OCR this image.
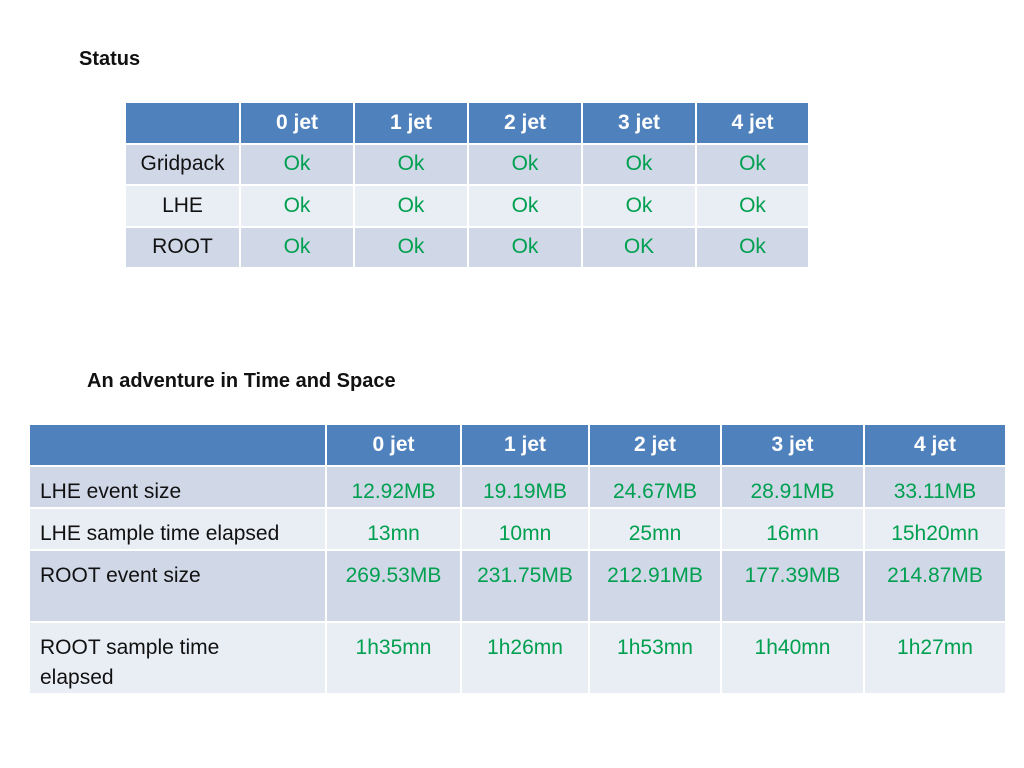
Status
	0 jet	1 jet	2 jet	3 jet	4 jet
Gridpack	Ok	Ok	Ok	Ok	Ok
LHE	Ok	Ok	Ok	Ok	Ok
ROOT	Ok	Ok	Ok	OK	Ok
An adventure in Time and Space
	0 jet	1 jet	2 jet	3 jet	4 jet
LHE event size	12.92MB	19.19MB	24.67MB	28.91MB	33.11MB
LHE sample time elapsed	13mn	10mn	25mn	16mn	15h20mn
ROOT event size	269.53MB	231.75MB	212.91MB	177.39MB	214.87MB
ROOT sample time elapsed	1h35mn	1h26mn	1h53mn	1h40mn	1h27mn
